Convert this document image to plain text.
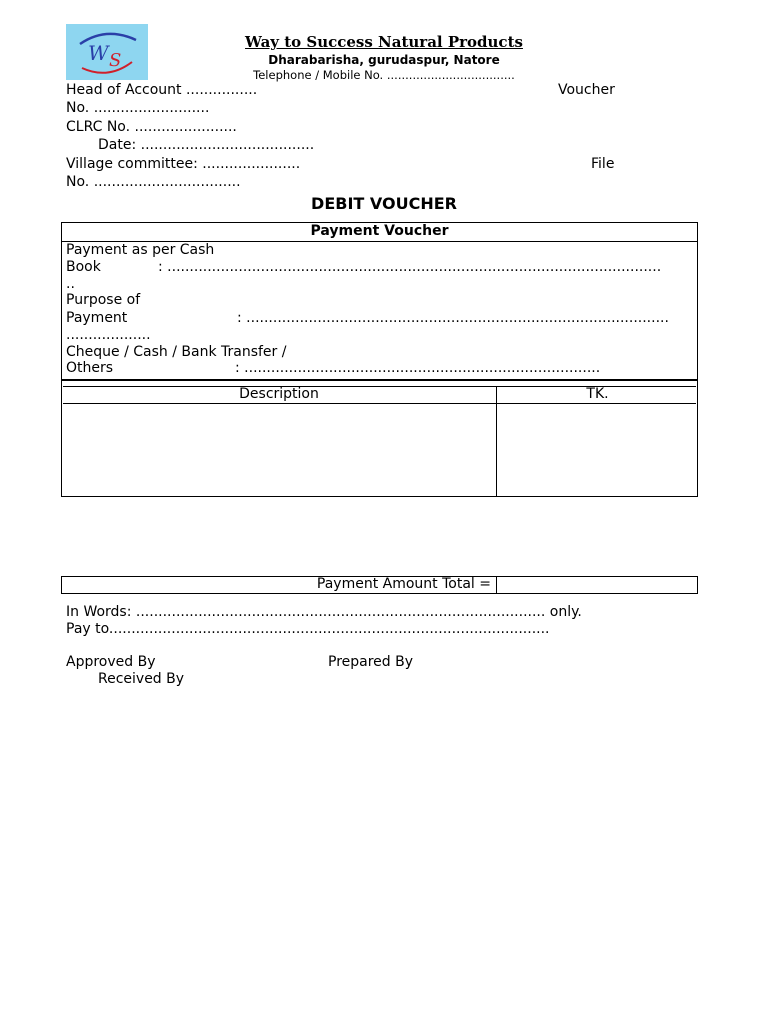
W S
Way to Success Natural Products
Dharabarisha, gurudaspur, Natore
Telephone / Mobile No. ...................................
Head of Account ................	Voucher
No. ..........................
CLRC No. .......................
Date: .......................................
Village committee: ......................	File
No. .................................
DEBIT VOUCHER
Payment Voucher
Payment as per Cash
Book	: ...............................................................................................................
..
Purpose of
Payment	: ...............................................................................................
...................
Cheque / Cash / Bank Transfer /
Others	: ................................................................................
Description	TK.
Payment Amount Total =
In Words: ............................................................................................ only.
Pay to...................................................................................................
Approved By	Prepared By
Received By
